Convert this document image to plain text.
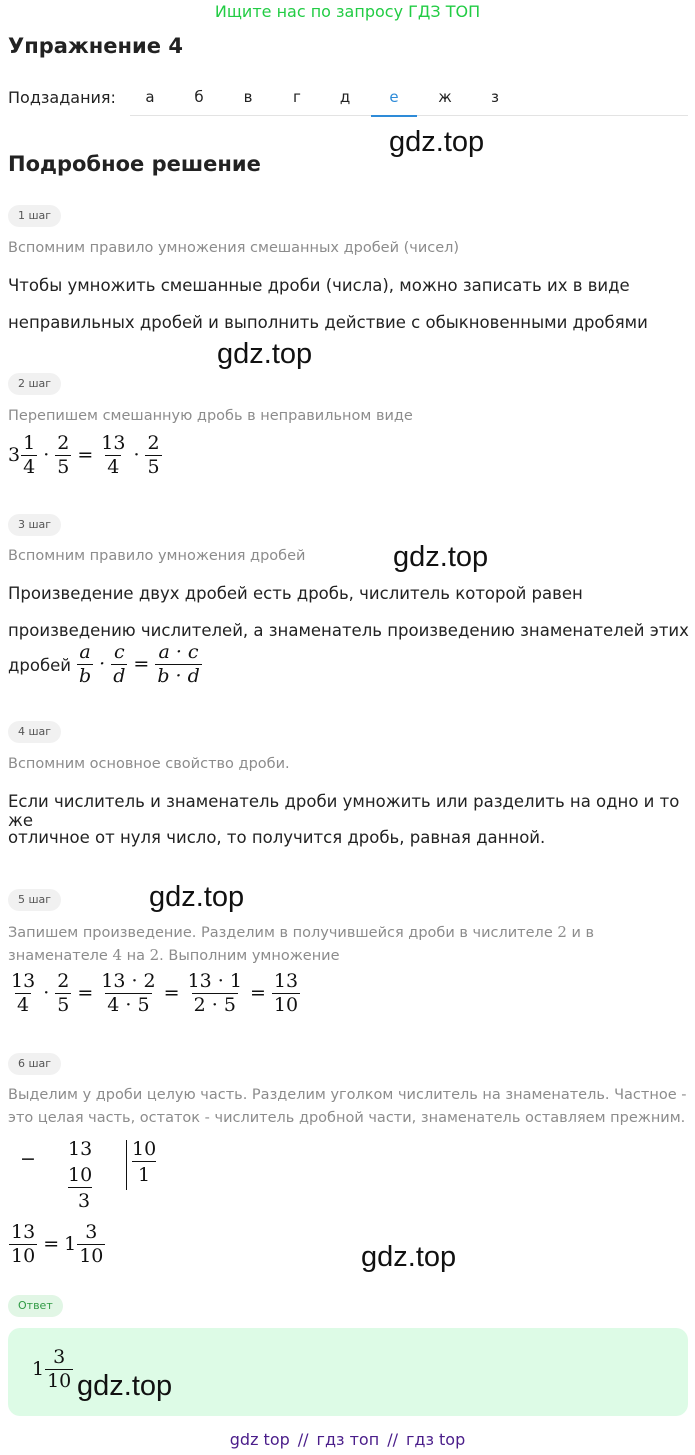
Ищите нас по запросу ГДЗ ТОП
Упражнение 4
Подзадания:	а	б	в	г	д	е	ж	з
gdz.top
Подробное решение
1 шаг
Вспомним правило умножения смешанных дробей (чисел)
Чтобы умножить смешанные дроби (числа), можно записать их в виде
неправильных дробей и выполнить действие с обыкновенными дробями
gdz.top
2 шаг
Перепишем смешанную дробь в неправильном виде
$3 \frac{1}{4} \cdot \frac{2}{5} = \frac{13}{4} \cdot \frac{2}{5}$
3 шаг
gdz.top
Вспомним правило умножения дробей
Произведение двух дробей есть дробь, числитель которой равен
произведению числителей, а знаменатель произведению знаменателей этих
дробей $\frac{a}{b} \cdot \frac{c}{d} = \frac{a \cdot c}{b \cdot d}$
4 шаг
Вспомним основное свойство дроби.
Если числитель и знаменатель дроби умножить или разделить на одно и то же
отличное от нуля число, то получится дробь, равная данной.
5 шаг	gdz.top
Запишем произведение. Разделим в получившейся дроби в числителе 2 и в
знаменателе 4 на 2. Выполним умножение
$\frac{13}{4} \cdot \frac{2}{5} = \frac{13 \cdot 2}{4 \cdot 5} = \frac{13 \cdot 1}{2 \cdot 5} = \frac{13}{10}$
6 шаг
Выделим у дроби целую часть. Разделим уголком числитель на знаменатель. Частное -
это целая часть, остаток - числитель дробной части, знаменатель оставляем прежним.
− 13
10
3
10
1
$\frac{13}{10} = 1 \frac{3}{10}$	gdz.top
Ответ
$1 \frac{3}{10} gdz.top$
gdz top // гдз топ // гдз top
